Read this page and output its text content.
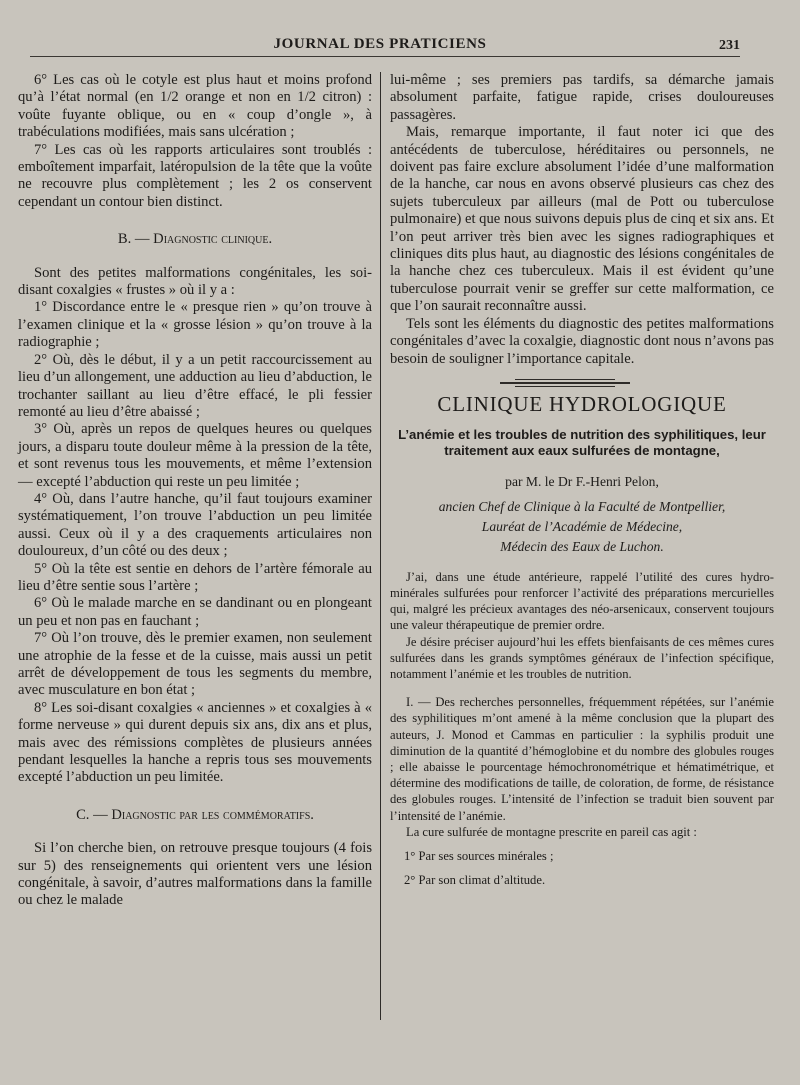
JOURNAL DES PRATICIENS	231

6° Les cas où le cotyle est plus haut et moins profond qu’à l’état normal (en 1/2 orange et non en 1/2 citron) : voûte fuyante oblique, ou en « coup d’ongle », à trabéculations modifiées, mais sans ulcération ;

7° Les cas où les rapports articulaires sont troublés : emboîtement imparfait, latéropulsion de la tête que la voûte ne recouvre plus complètement ; les 2 os conservent cependant un contour bien distinct.

B. — Diagnostic clinique.

Sont des petites malformations congénitales, les soi-disant coxalgies « frustes » où il y a :

1° Discordance entre le « presque rien » qu’on trouve à l’examen clinique et la « grosse lésion » qu’on trouve à la radiographie ;

2° Où, dès le début, il y a un petit raccourcissement au lieu d’un allongement, une adduction au lieu d’abduction, le trochanter saillant au lieu d’être effacé, le pli fessier remonté au lieu d’être abaissé ;

3° Où, après un repos de quelques heures ou quelques jours, a disparu toute douleur même à la pression de la tête, et sont revenus tous les mouvements, et même l’extension — excepté l’abduction qui reste un peu limitée ;

4° Où, dans l’autre hanche, qu’il faut toujours examiner systématiquement, l’on trouve l’abduction un peu limitée aussi. Ceux où il y a des craquements articulaires non douloureux, d’un côté ou des deux ;

5° Où la tête est sentie en dehors de l’artère fémorale au lieu d’être sentie sous l’artère ;

6° Où le malade marche en se dandinant ou en plongeant un peu et non pas en fauchant ;

7° Où l’on trouve, dès le premier examen, non seulement une atrophie de la fesse et de la cuisse, mais aussi un petit arrêt de développement de tous les segments du membre, avec musculature en bon état ;

8° Les soi-disant coxalgies « anciennes » et coxalgies à « forme nerveuse » qui durent depuis six ans, dix ans et plus, mais avec des rémissions complètes de plusieurs années pendant lesquelles la hanche a repris tous ses mouvements excepté l’abduction un peu limitée.

C. — Diagnostic par les commémoratifs.

Si l’on cherche bien, on retrouve presque toujours (4 fois sur 5) des renseignements qui orientent vers une lésion congénitale, à savoir, d’autres malformations dans la famille ou chez le malade

lui-même ; ses premiers pas tardifs, sa démarche jamais absolument parfaite, fatigue rapide, crises douloureuses passagères.

Mais, remarque importante, il faut noter ici que des antécédents de tuberculose, héréditaires ou personnels, ne doivent pas faire exclure absolument l’idée d’une malformation de la hanche, car nous en avons observé plusieurs cas chez des sujets tuberculeux par ailleurs (mal de Pott ou tuberculose pulmonaire) et que nous suivons depuis plus de cinq et six ans. Et l’on peut arriver très bien avec les signes radiographiques et cliniques dits plus haut, au diagnostic des lésions congénitales de la hanche chez ces tuberculeux. Mais il est évident qu’une tuberculose pourrait venir se greffer sur cette malformation, ce que l’on saurait reconnaître aussi.

Tels sont les éléments du diagnostic des petites malformations congénitales d’avec la coxalgie, diagnostic dont nous n’avons pas besoin de souligner l’importance capitale.

CLINIQUE HYDROLOGIQUE
L’anémie et les troubles de nutrition des syphilitiques, leur traitement aux eaux sulfurées de montagne,
par M. le Dr F.-Henri Pelon,
ancien Chef de Clinique à la Faculté de Montpellier,
Lauréat de l’Académie de Médecine,
Médecin des Eaux de Luchon.

J’ai, dans une étude antérieure, rappelé l’utilité des cures hydro-minérales sulfurées pour renforcer l’activité des préparations mercurielles qui, malgré les précieux avantages des néo-arsenicaux, conservent toujours une valeur thérapeutique de premier ordre.

Je désire préciser aujourd’hui les effets bienfaisants de ces mêmes cures sulfurées dans les grands symptômes généraux de l’infection spécifique, notamment l’anémie et les troubles de nutrition.

I. — Des recherches personnelles, fréquemment répétées, sur l’anémie des syphilitiques m’ont amené à la même conclusion que la plupart des auteurs, J. Monod et Cammas en particulier : la syphilis produit une diminution de la quantité d’hémoglobine et du nombre des globules rouges ; elle abaisse le pourcentage hémochronométrique et hématimétrique, et détermine des modifications de taille, de coloration, de forme, de résistance des globules rouges. L’intensité de l’infection se traduit bien souvent par l’intensité de l’anémie.

La cure sulfurée de montagne prescrite en pareil cas agit :

1° Par ses sources minérales ;

2° Par son climat d’altitude.
